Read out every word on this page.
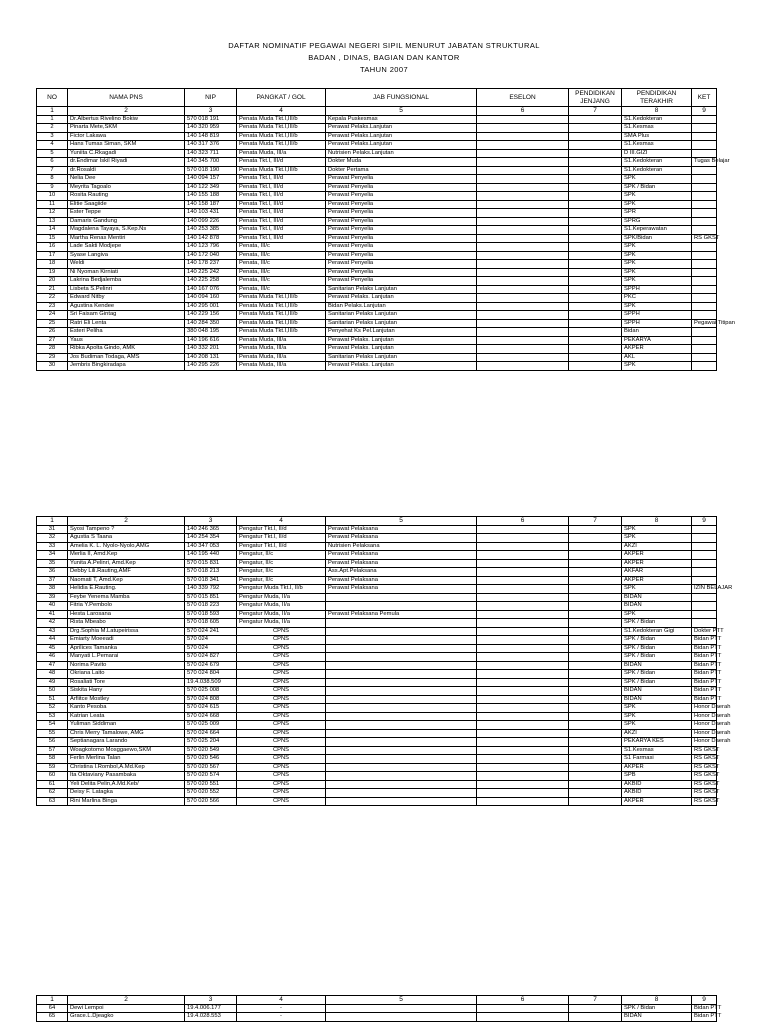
DAFTAR NOMINATIF PEGAWAI NEGERI SIPIL MENURUT JABATAN STRUKTURAL
BADAN , DINAS, BAGIAN DAN KANTOR
TAHUN 2007
NO	NAMA PNS	NIP	PANGKAT / GOL	JAB FUNGSIONAL	ESELON	PENDIDIKAN JENJANG	PENDIDIKAN TERAKHIR	KET
1	2	3	4	5	6	7	8	9
1	Dr.Albertus Rivelino Bokiw	570 018 191	Penata Muda Tkt.I,III/b	Kepala Puskesmas			S1.Kedokteran	
2	Pinarta Mete,SKM	140 320 959	Penata Muda Tkt.I,III/b	Perawat Pelaks.Lanjutan			S1.Kesmas	
3	Fictor Lakawa	140 148 819	Penata Muda Tkt.I,III/b	Perawat Pelaks.Lanjutan			SMA Plus	
4	Hans Tumas Siman, SKM	140 317 376	Penata Muda Tkt.I,III/b	Perawat Pelaks.Lanjutan			S1.Kesmas	
5	Yuniita C.Rkagadi	140 323 711	Penata Muda, III/a	Nutrisien Pelaks.Lanjutan			D III.GIZI	
6	dr.Endimar Iskil Riyadi	140 345 700	Penata Tkt.I, III/d	Dokter Muda			S1.Kedokteran	Tugas Belajar
7	dr.Rosaldi	570 018 190	Penata Muda Tkt.I,III/b	Dokter Pertama			S1.Kedokteran	
8	Nelia Dee	140 094 157	Penata Tkt.I, III/d	Perawat Penyelia			SPK	
9	Meyrita Tagoalo	140 122 349	Penata Tkt.I, III/d	Perawat Penyelia			SPK / Bidan	
10	Rosita Rauting	140 155 188	Penata Tkt.I, III/d	Perawat Penyelia			SPK	
11	Elitie Saagiide	140 158 187	Penata Tkt.I, III/d	Perawat Penyelia			SPK	
12	Ester Teppe	140 103 431	Penata Tkt.I, III/d	Perawat Penyelia			SPR	
13	Damaris Gandung	140 099 226	Penata Tkt.I, III/d	Perawat Penyelia			SPRG	
14	Magdalena Tayaya, S.Kep.Ns	140 253 385	Penata Tkt.I, III/d	Perawat Penyelia			S1.Keperawatan	
15	Martha Renas Mentiri	140 142 878	Penata Tkt.I, III/d	Perawat Penyelia			SPK/Bidan	RS GKST
16	Lade Sakti Modjepe	140 123 796	Penata, III/c	Perawat Penyelia			SPK	
17	Syase Langiva	140 172 040	Penata, III/c	Perawat Penyelia			SPK	
18	Weldi	140 178 237	Penata, III/c	Perawat Penyelia			SPK	
19	Ni Nyoman Kirniati	140 225 242	Penata, III/c	Perawat Penyelia			SPK	
20	Lakrina Bedjalemba	140 225 258	Penata, III/c	Perawat Penyelia			SPK	
21	Lisbeta S.Pelinri	140 167 076	Penata, III/c	Sanitarian Pelaks Lanjutan			SPPH	
22	Edward Nitby	140 094 160	Penata Muda Tkt.I,III/b	Perawat Pelaks. Lanjutan			PKC	
23	Agustina Kendee	140 295 001	Penata Muda Tkt.I,III/b	Bidan Pelaks.Lanjutan			SPK	
24	Sri Faisam Gintag	140 229 156	Penata Muda Tkt.I,III/b	Sanitarian Pelaks Lanjutan			SPPH	
25	Ratri Eli Lenta	140 284 350	Penata Muda Tkt.I,III/b	Sanitarian Pelaks Lanjutan			SPPH	Pegawai Titipan
26	Esteri Peliha	380 048 195	Penata Muda Tkt.I,III/b	Penyehat Ks Pel.Lanjutan			Bidan	
27	Yaus	140 196 616	Penata Muda, III/a	Perawat Pelaks. Lanjutan			PEKARYA	
28	Ribka Apolta Gindo, AMK	140 332 201	Penata Muda, III/a	Perawat Pelaks. Lanjutan			AKPER	
29	Jos Budiman Todaga, AMS	140 208 131	Penata Muda, III/a	Sanitarian Pelaks Lanjutan			AKL	
30	Jembris Bingkiradapa	140 295 226	Penata Muda, III/a	Perawat Pelaks. Lanjutan			SPK	
1	2	3	4	5	6	7	8	9
31	Syosi Tampeno ?	140 246 365	Pengatur Tkt.I, II/d	Perawat Pelaksana			SPK	
32	Agustia S Taana	140 254 354	Pengatur Tkt.I, II/d	Perawat Pelaksana			SPK	
33	Amelia K. L. Nyolo-Nyolo,AMG	140 347 053	Pengatur Tkt.I, II/d	Nutrisien Pelaksana			AKZI	
34	Merlia II, Amd.Kep	140 195 440	Pengatur, II/c	Perawat Pelaksana			AKPER	
35	Yunita A.Pelinri, Amd.Kep	570 015 831	Pengatur, II/c	Perawat Pelaksana			AKPER	
36	Debby Lili.Rauting,AMF	570 018 213	Pengatur, II/c	Ass.Apt.Pelaksana			AKFAR	
37	Naomati T, Amd.Kep	570 018 341	Pengatur, II/c	Perawat Pelaksana			AKPER	
38	Helidia E.Rauting.	140 339 792	Pengatur Muda Tkt.I, II/b	Perawat Pelaksana			SPK	IZIN BELAJAR
39	Feybe Yenema Mamba	570 015 851	Pengatur Muda, II/a				BIDAN	
40	Fitria Y.Pembolo	570 018 223	Pengatur Muda, II/a				BIDAN	
41	Hesta Larosana	570 018 593	Pengatur Muda, II/a	Perawat Pelaksana Pemula			SPK	
42	Rista Mbeabo	570 018 605	Pengatur Muda, II/a				SPK / Bidan	
43	Drg.Sophia M.Latupeirissa	570 024 241	CPNS				S1.Kedokteran Gigi	Dokter PTT
44	Emiarty Moeeadi	570 024	CPNS				SPK / Bidan	Bidan PTT
45	Aprilices Tamanka	570 024	CPNS				SPK / Bidan	Bidan PTT
46	Manyati L.Pemarai	570 024 827	CPNS				SPK / Bidan	Bidan PTT
47	Norima Pavito	570 024 679	CPNS				BIDAN	Bidan PTT
48	Okriana Laito	570 024 804	CPNS				SPK / Bidan	Bidan PTT
49	Rosaliati Tore	19.4.038.509	CPNS				SPK / Bidan	Bidan PTT
50	Siskita Hany	570 025 008	CPNS				BIDAN	Bidan PTT
51	Arfiitce Mostley	570 024 808	CPNS				BIDAN	Bidan PTT
52	Kanto Pesoba	570 024 615	CPNS				SPK	Honor Daerah
53	Katrian Leata	570 024 668	CPNS				SPK	Honor Daerah
54	Yuliman Siddiman	570 025 009	CPNS				SPK	Honor Daerah
55	Chris Merry Tamalowe, AMG	570 024 664	CPNS				AKZI	Honor Daerah
56	Septianagara Larando	570 025 204	CPNS				PEKARYA KES	Honor Daerah
57	Woagkotomo Mosggaewo,SKM	570 020 549	CPNS				S1.Kesmas	RS GKST
58	Ferlin Merlina Talan	570 020 546	CPNS				S1 Farmasi	RS GKST
59	Christina I.Rombol,A.Md.Kep	570 020 567	CPNS				AKPER	RS GKST
60	Ita Oktaviany Pasambaka	570 020 574	CPNS				SPB	RS GKST
61	Yeli Delita Pelin,A.Md.Keb/	570 020 551	CPNS				AKBID	RS GKST
62	Deisy F. Latagka	570 020 552	CPNS				AKBID	RS GKST
63	Rini Marlina Binga	570 020 566	CPNS				AKPER	RS GKST
1	2	3	4	5	6	7	8	9
64	Dewi Lempoi	19.4.006.177	-				SPK / Bidan	Bidan PTT
65	Grace.L.Djeagko	19.4.028.553	-				BIDAN	Bidan PTT
